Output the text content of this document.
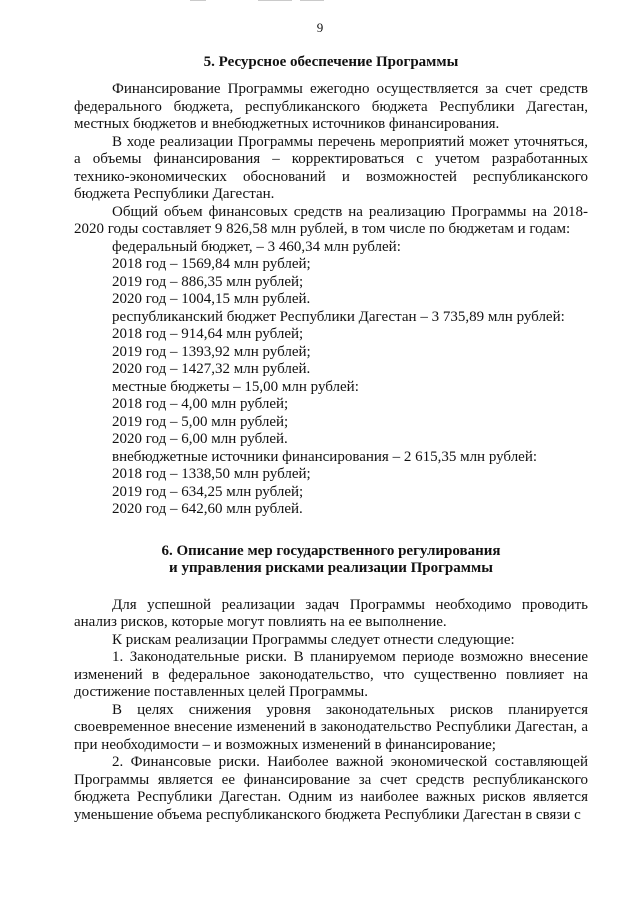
9
5. Ресурсное обеспечение Программы

Финансирование Программы ежегодно осуществляется за счет средств федерального бюджета, республиканского бюджета Республики Дагестан, местных бюджетов и внебюджетных источников финансирования.

В ходе реализации Программы перечень мероприятий может уточняться, а объемы финансирования – корректироваться с учетом разработанных технико-экономических обоснований и возможностей республиканского бюджета Республики Дагестан.

Общий объем финансовых средств на реализацию Программы на 2018-2020 годы составляет 9 826,58 млн рублей, в том числе по бюджетам и годам:

федеральный бюджет, – 3 460,34 млн рублей:
2018 год – 1569,84 млн рублей;
2019 год – 886,35 млн рублей;
2020 год – 1004,15 млн рублей.
республиканский бюджет Республики Дагестан – 3 735,89 млн рублей:
2018 год – 914,64 млн рублей;
2019 год – 1393,92 млн рублей;
2020 год – 1427,32 млн рублей.
местные бюджеты – 15,00 млн рублей:
2018 год – 4,00 млн рублей;
2019 год – 5,00 млн рублей;
2020 год – 6,00 млн рублей.
внебюджетные источники финансирования – 2 615,35 млн рублей:
2018 год – 1338,50 млн рублей;
2019 год – 634,25 млн рублей;
2020 год – 642,60 млн рублей.
6. Описание мер государственного регулирования
и управления рисками реализации Программы

Для успешной реализации задач Программы необходимо проводить анализ рисков, которые могут повлиять на ее выполнение.

К рискам реализации Программы следует отнести следующие:

1. Законодательные риски. В планируемом периоде возможно внесение изменений в федеральное законодательство, что существенно повлияет на достижение поставленных целей Программы.

В целях снижения уровня законодательных рисков планируется своевременное внесение изменений в законодательство Республики Дагестан, а при необходимости – и возможных изменений в финансирование;

2. Финансовые риски. Наиболее важной экономической составляющей Программы является ее финансирование за счет средств республиканского бюджета Республики Дагестан. Одним из наиболее важных рисков является уменьшение объема республиканского бюджета Республики Дагестан в связи с
